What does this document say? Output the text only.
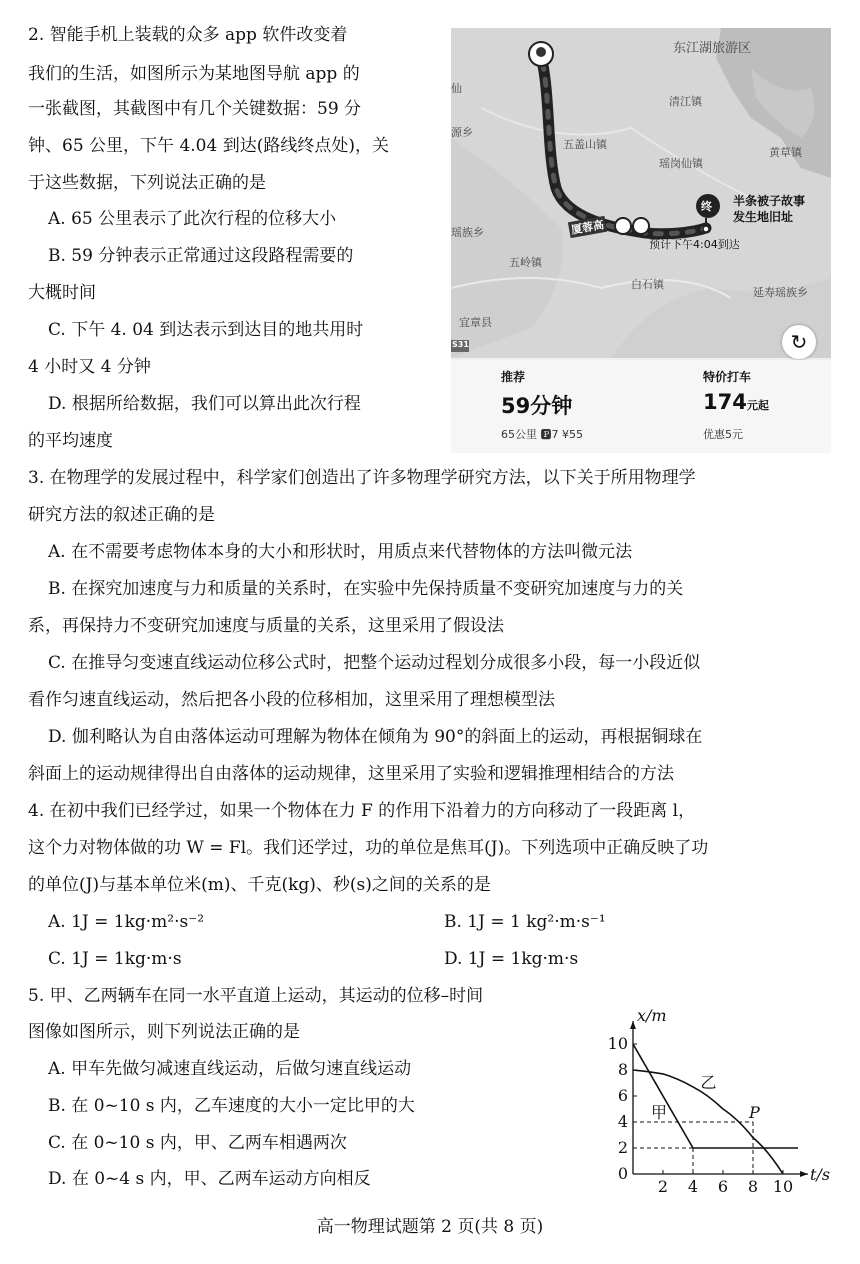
2. 智能手机上装载的众多 app 软件改变着
我们的生活，如图所示为某地图导航 app 的
一张截图，其截图中有几个关键数据：59 分
钟、65 公里，下午 4.04 到达(路线终点处)，关
于这些数据，下列说法正确的是
A. 65 公里表示了此次行程的位移大小
B. 59 分钟表示正常通过这段路程需要的
大概时间
C. 下午 4. 04 到达表示到达目的地共用时
4 小时又 4 分钟
D. 根据所给数据，我们可以算出此次行程
的平均速度
东江湖旅游区
清江镇
五盖山镇
瑶岗仙镇
黄草镇
瑶族乡
五岭镇
白石镇
延寿瑶族乡
宜章县
源乡
仙
厦蓉高
终 半条被子故事
发生地旧址
预计下午4:04到达
S31	↻
推荐
59分钟
65公里 🅿7 ¥55
特价打车
174元起
优惠5元
3. 在物理学的发展过程中，科学家们创造出了许多物理学研究方法，以下关于所用物理学
研究方法的叙述正确的是
A. 在不需要考虑物体本身的大小和形状时，用质点来代替物体的方法叫微元法
B. 在探究加速度与力和质量的关系时，在实验中先保持质量不变研究加速度与力的关
系，再保持力不变研究加速度与质量的关系，这里采用了假设法
C. 在推导匀变速直线运动位移公式时，把整个运动过程划分成很多小段，每一小段近似
看作匀速直线运动，然后把各小段的位移相加，这里采用了理想模型法
D. 伽利略认为自由落体运动可理解为物体在倾角为 90°的斜面上的运动，再根据铜球在
斜面上的运动规律得出自由落体的运动规律，这里采用了实验和逻辑推理相结合的方法
4. 在初中我们已经学过，如果一个物体在力 F 的作用下沿着力的方向移动了一段距离 l，
这个力对物体做的功 W = Fl。我们还学过，功的单位是焦耳(J)。下列选项中正确反映了功
的单位(J)与基本单位米(m)、千克(kg)、秒(s)之间的关系的是
A. 1J = 1kg·m²·s⁻²	B. 1J = 1 kg²·m·s⁻¹
C. 1J = 1kg·m·s	D. 1J = 1kg·m·s
5. 甲、乙两辆车在同一水平直道上运动，其运动的位移–时间
图像如图所示，则下列说法正确的是
A. 甲车先做匀减速直线运动，后做匀速直线运动
B. 在 0~10 s 内，乙车速度的大小一定比甲的大
C. 在 0~10 s 内，甲、乙两车相遇两次
D. 在 0~4 s 内，甲、乙两车运动方向相反	2 4 6 8 10
2
4
6
8
10
0
x/m
t/s
甲
乙
P
高一物理试题第 2 页(共 8 页)
